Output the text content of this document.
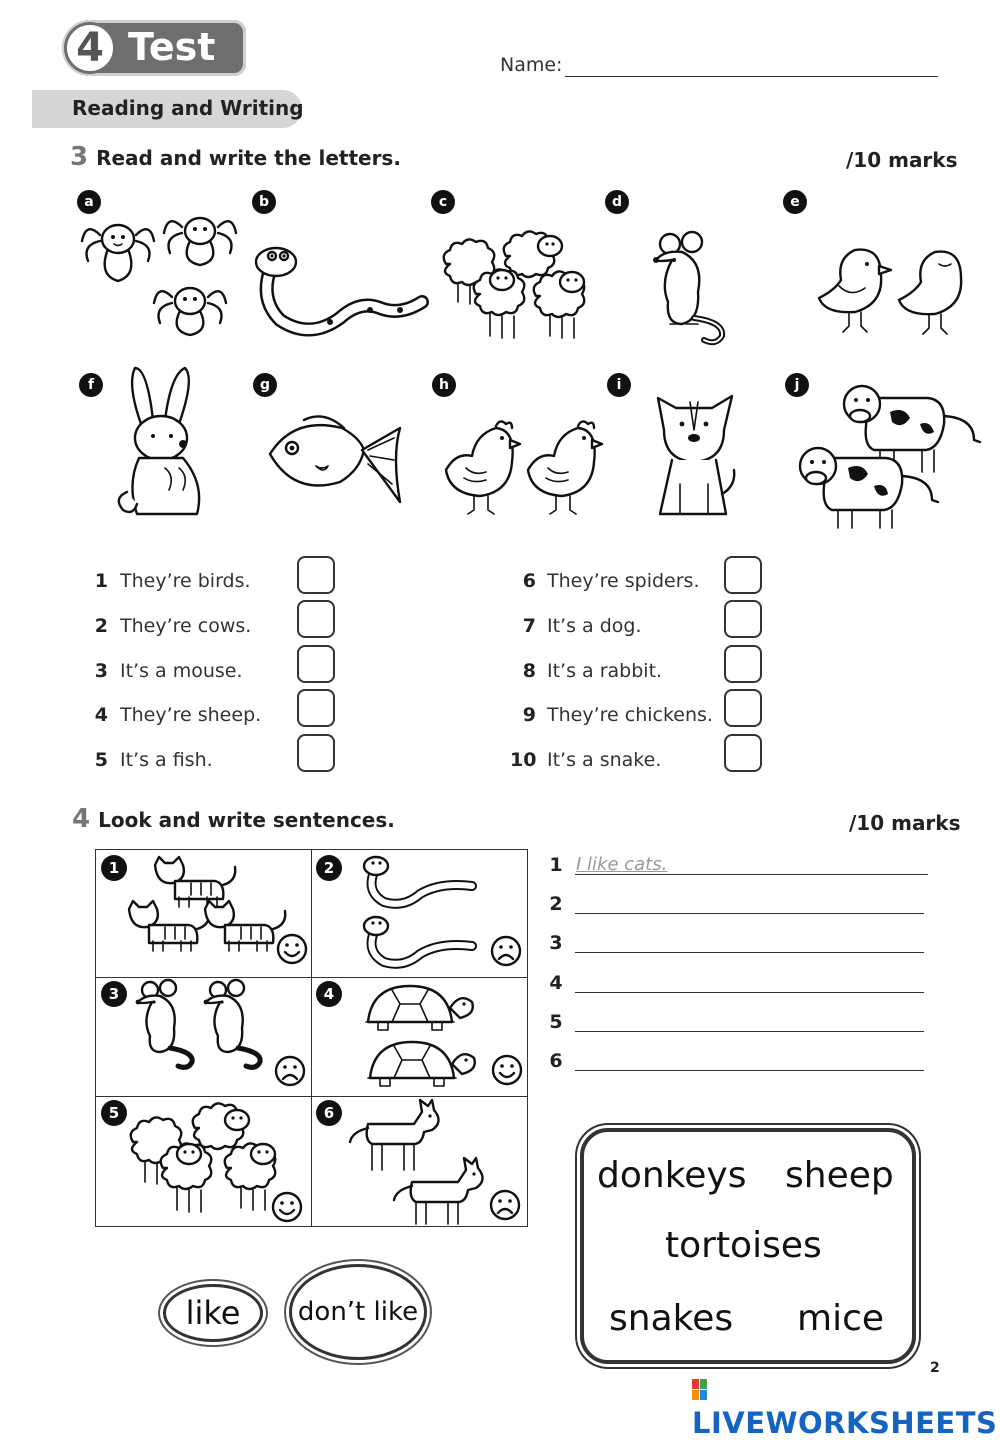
4 Test	Name:
Reading and Writing
3 Read and write the letters.	/10 marks
a	b	c	d	e
f	g	h	i	j
1 They’re birds.
2 They’re cows.
3 It’s a mouse.
4 They’re sheep.
5 It’s a fish.
6 They’re spiders.
7 It’s a dog.
8 It’s a rabbit.
9 They’re chickens.
10 It’s a snake.
4 Look and write sentences.	/10 marks
1	2
3	4
5	6
1 I like cats.
2
3
4
5
6
like	don’t like
donkeys sheep
tortoises
snakes mice
2
LIVEWORKSHEETS
